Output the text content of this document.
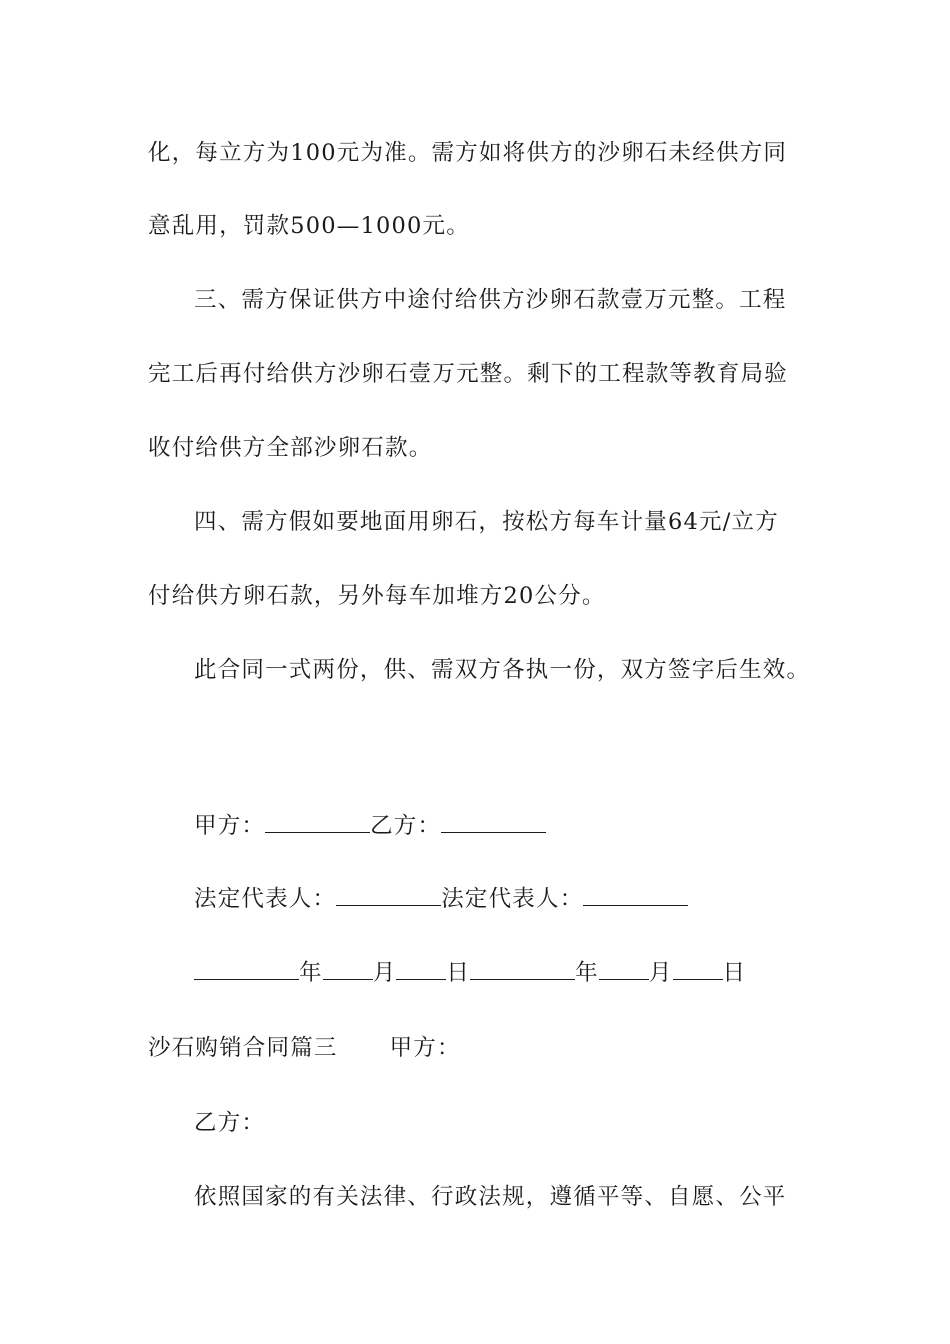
化，每立方为100元为准。需方如将供方的沙卵石未经供方同
意乱用，罚款500—1000元。
三、需方保证供方中途付给供方沙卵石款壹万元整。工程
完工后再付给供方沙卵石壹万元整。剩下的工程款等教育局验
收付给供方全部沙卵石款。
四、需方假如要地面用卵石，按松方每车计量64元/立方
付给供方卵石款，另外每车加堆方20公分。
此合同一式两份，供、需双方各执一份，双方签字后生效。
甲方：	乙方：
法定代表人：	法定代表人：
年 月 日	年 月 日
沙石购销合同篇三 甲方：
乙方：
依照国家的有关法律、行政法规，遵循平等、自愿、公平
